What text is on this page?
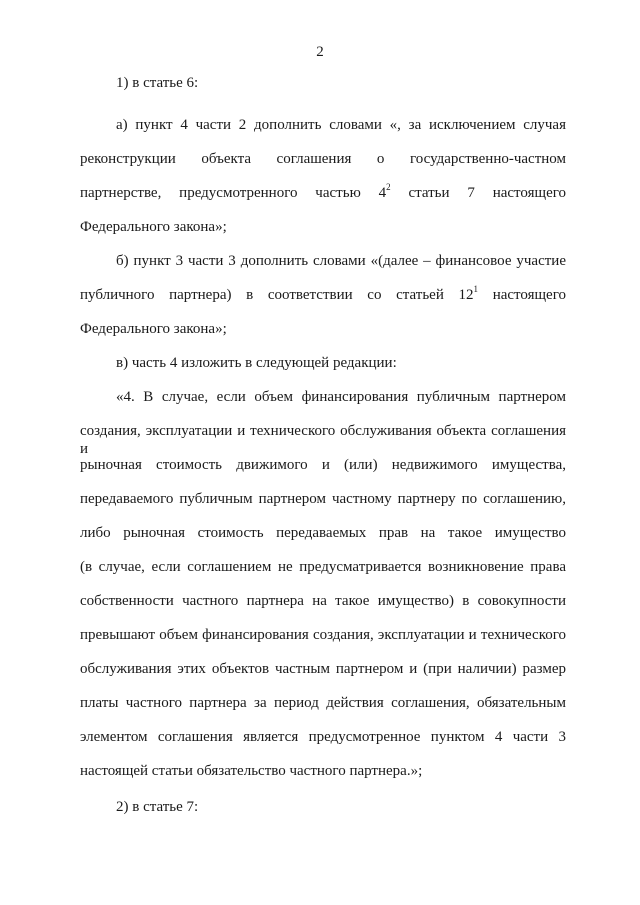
2
1) в статье 6:
а) пункт 4 части 2 дополнить словами «, за исключением случая
реконструкции объекта соглашения о государственно-частном
партнерстве, предусмотренного частью $4^2$ статьи 7 настоящего
Федерального закона»;
б) пункт 3 части 3 дополнить словами «(далее – финансовое участие
публичного партнера) в соответствии со статьей $12^1$ настоящего
Федерального закона»;
в) часть 4 изложить в следующей редакции:
«4. В случае, если объем финансирования публичным партнером
создания, эксплуатации и технического обслуживания объекта соглашения и
рыночная стоимость движимого и (или) недвижимого имущества,
передаваемого публичным партнером частному партнеру по соглашению,
либо рыночная стоимость передаваемых прав на такое имущество
(в случае, если соглашением не предусматривается возникновение права
собственности частного партнера на такое имущество) в совокупности
превышают объем финансирования создания, эксплуатации и технического
обслуживания этих объектов частным партнером и (при наличии) размер
платы частного партнера за период действия соглашения, обязательным
элементом соглашения является предусмотренное пунктом 4 части 3
настоящей статьи обязательство частного партнера.»;
2) в статье 7:
